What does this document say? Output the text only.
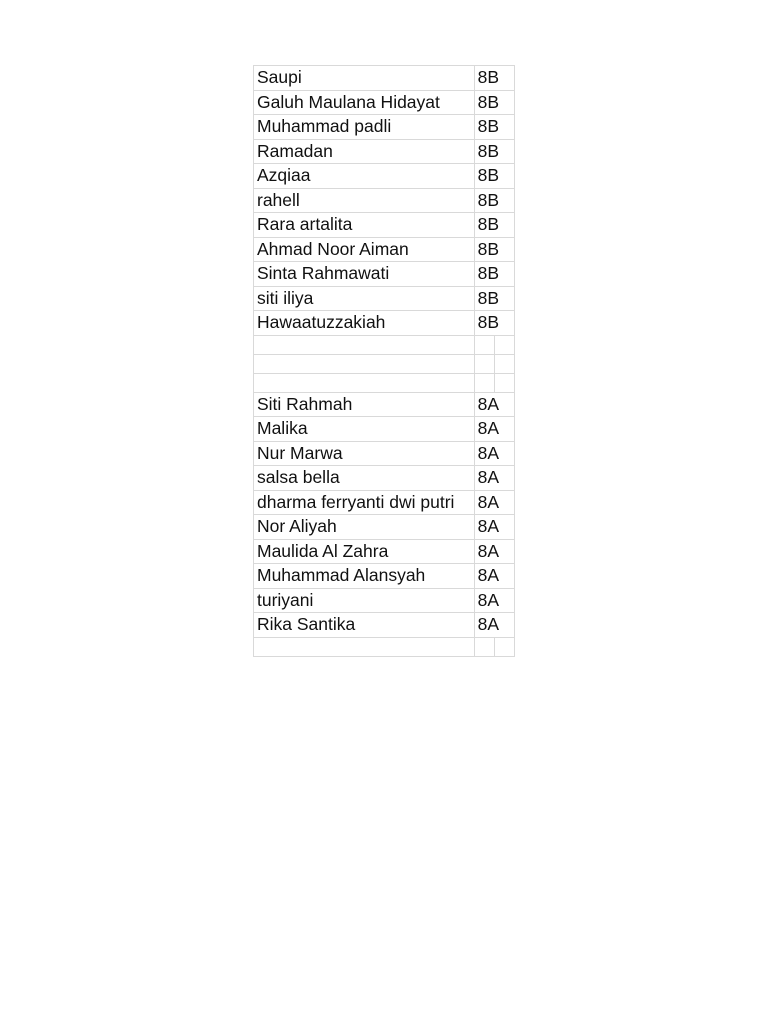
Saupi	8B	
Galuh Maulana Hidayat	8B	
Muhammad padli	8B	
Ramadan	8B	
Azqiaa	8B	
rahell	8B	
Rara artalita	8B	
Ahmad Noor Aiman	8B	
Sinta Rahmawati	8B	
siti iliya	8B	
Hawaatuzzakiah	8B	

Siti Rahmah	8A	
Malika	8A	
Nur Marwa	8A	
salsa bella	8A	
dharma ferryanti dwi putri	8A	
Nor Aliyah	8A	
Maulida Al Zahra	8A	
Muhammad Alansyah	8A	
turiyani	8A	
Rika Santika	8A	
